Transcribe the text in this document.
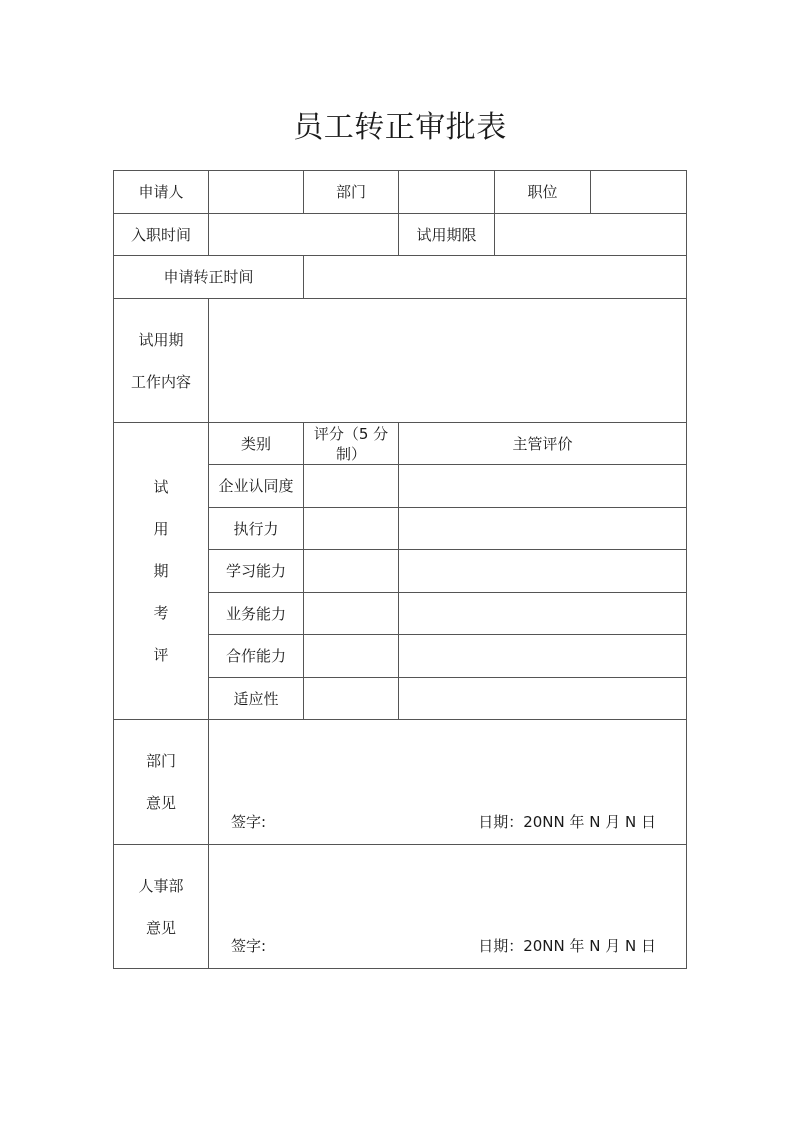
员工转正审批表
申请人		部门		职位	
入职时间			试用期限		
申请转正时间					

试用期
工作内容					

试
用
期
考
评	类别	评分（5 分制）	主管评价		
	企业认同度				
	执行力				
	学习能力				
	业务能力				
	合作能力				
	适应性				

部门
意见	签字: 日期：20NN 年 N 月 N 日				

人事部
意见	签字: 日期：20NN 年 N 月 N 日				
